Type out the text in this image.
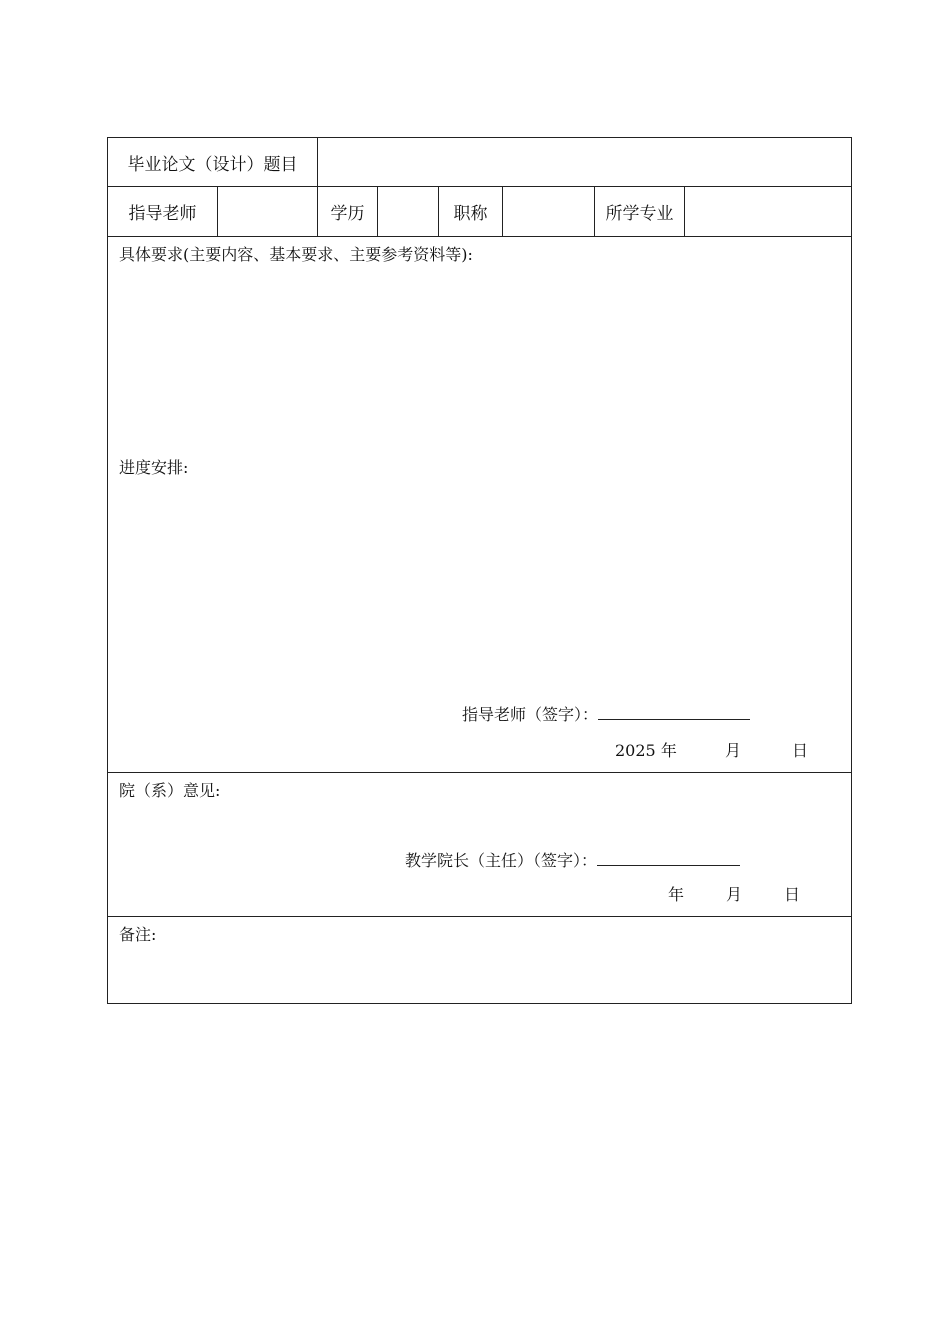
毕业论文（设计）题目
指导老师	学历	职称	所学专业
具体要求(主要内容、基本要求、主要参考资料等):
进度安排:
指导老师（签字）：
2025 年	月	日
院（系）意见:
教学院长（主任）（签字）：
年	月	日
备注:
